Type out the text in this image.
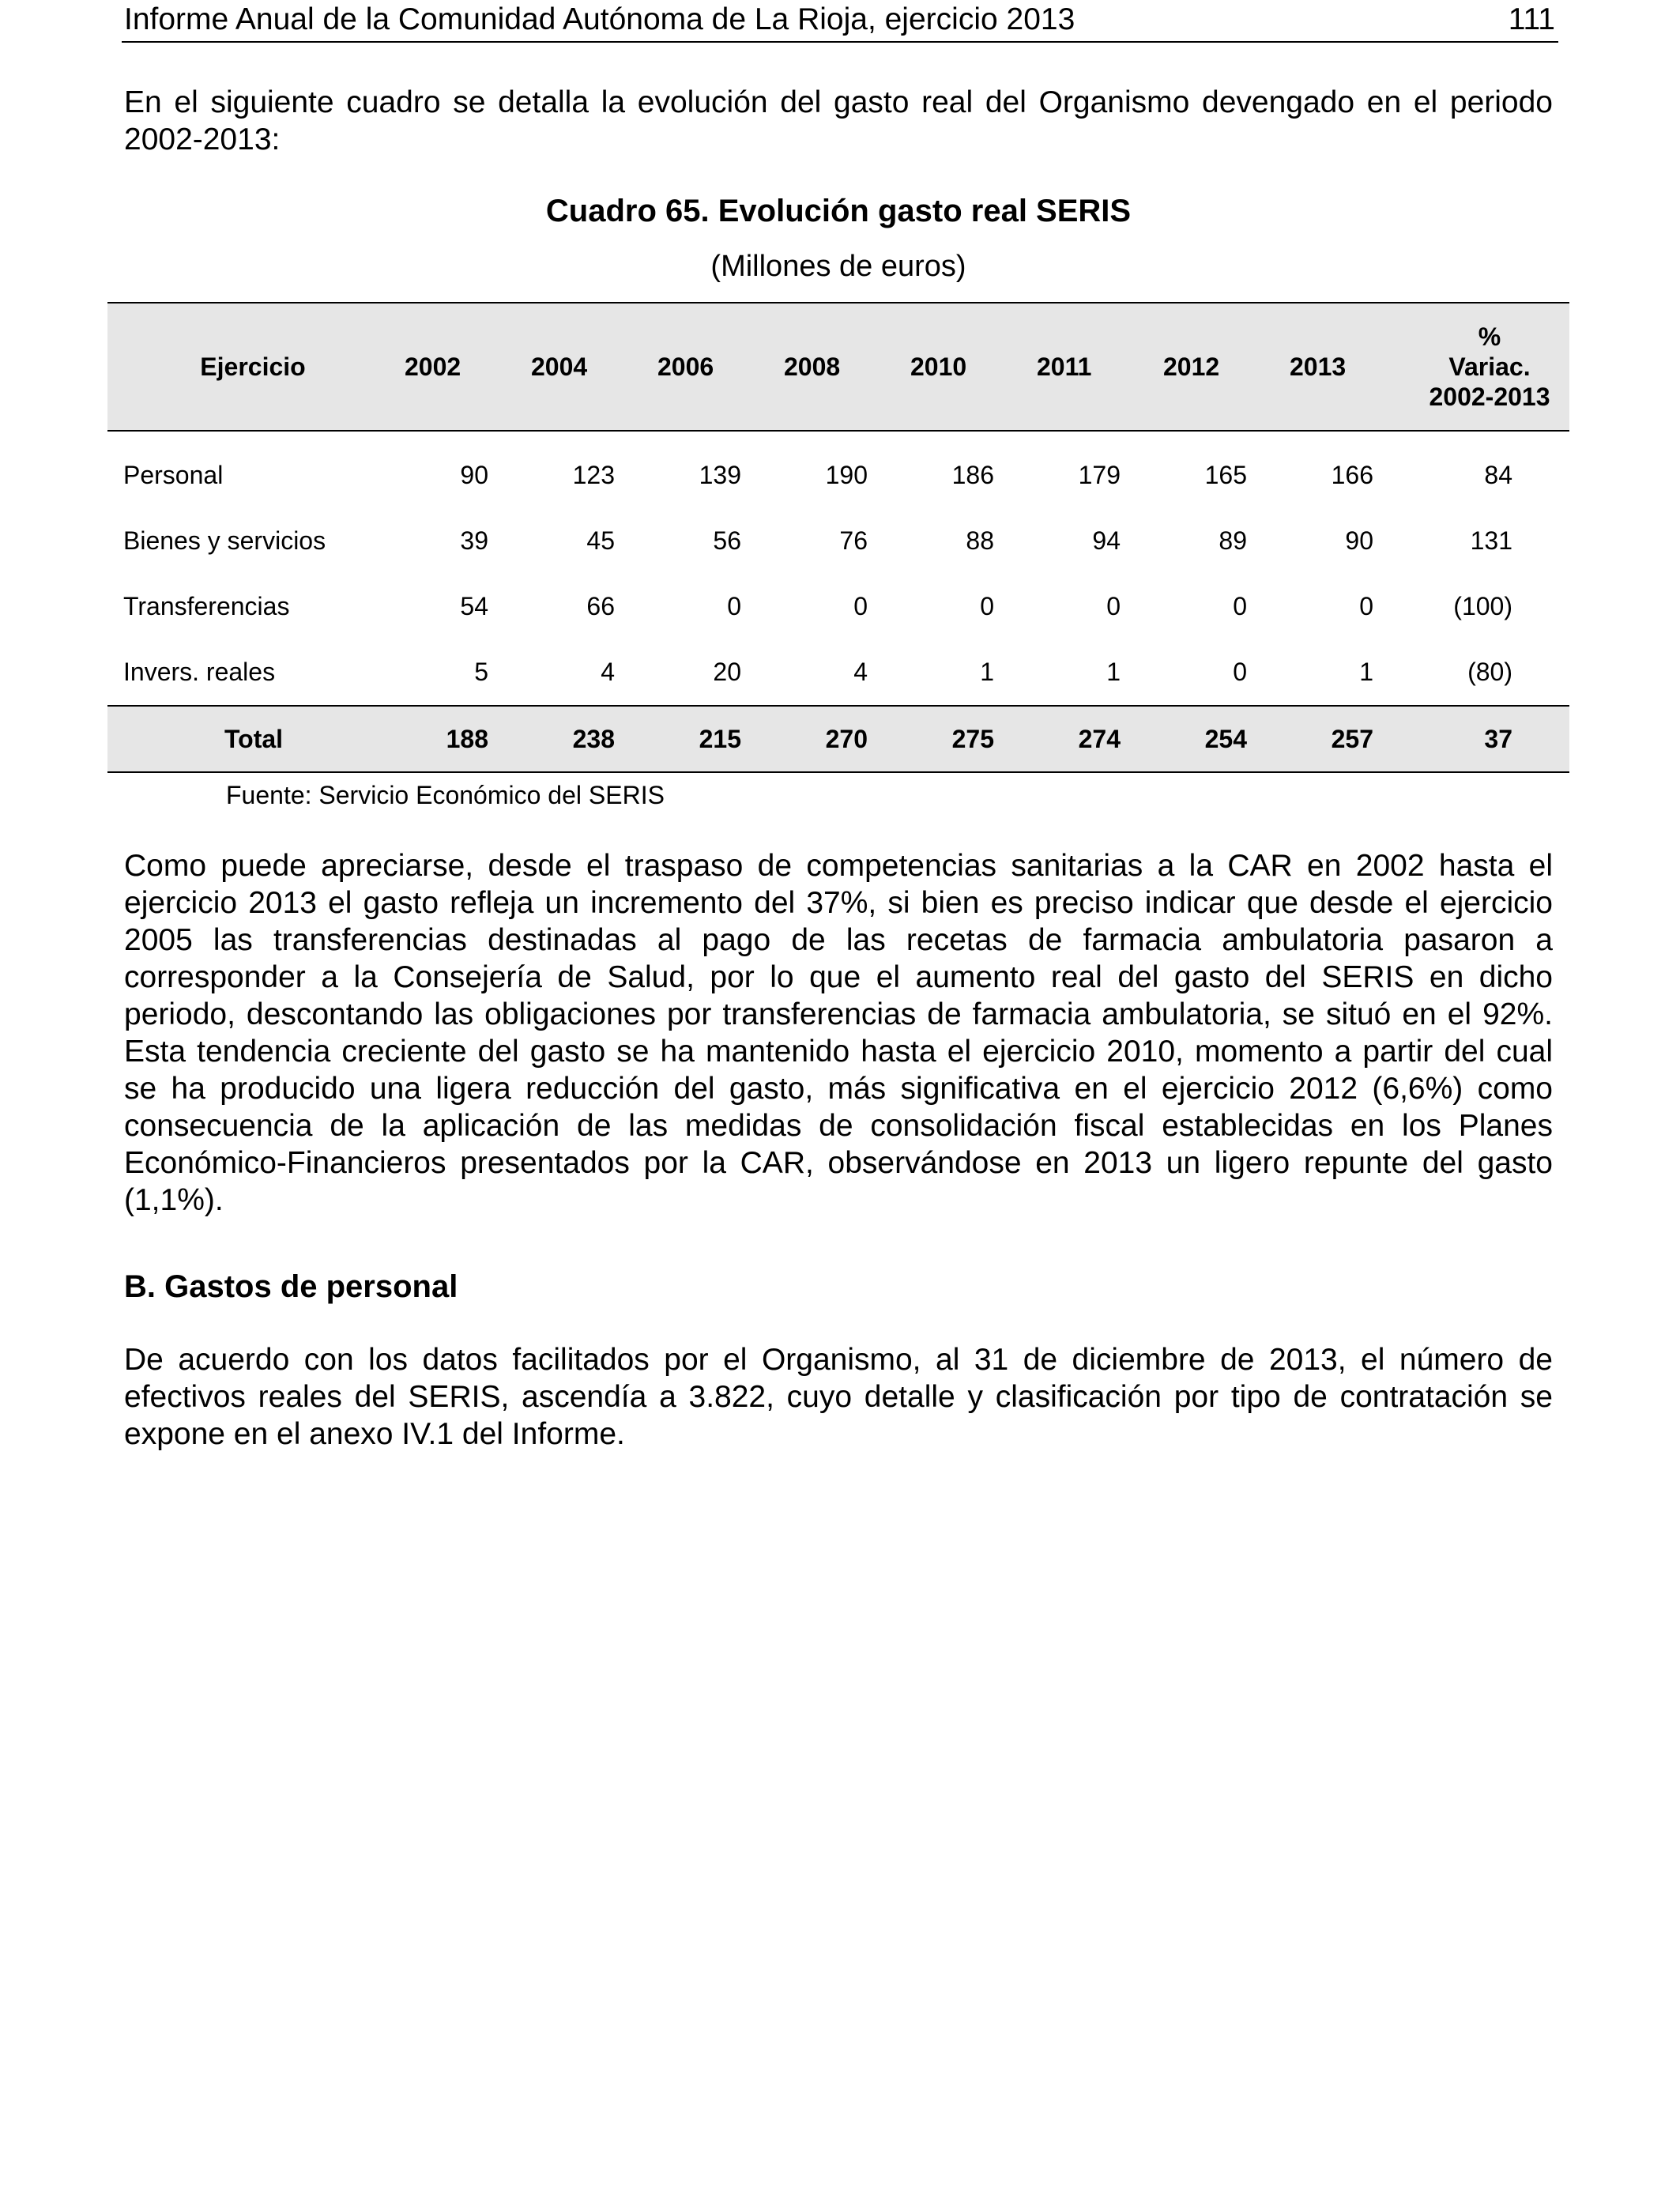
Informe Anual de la Comunidad Autónoma de La Rioja, ejercicio 2013	111
En el siguiente cuadro se detalla la evolución del gasto real del Organismo devengado en el periodo 2002-2013:
Cuadro 65. Evolución gasto real SERIS
(Millones de euros)
Ejercicio	2002	2004	2006	2008	2010	2011	2012	2013	%
Variac.
2002-2013

Personal	90	123	139	190	186	179	165	166	84
Bienes y servicios	39	45	56	76	88	94	89	90	131
Transferencias	54	66	0	0	0	0	0	0	(100)
Invers. reales	5	4	20	4	1	1	0	1	(80)
Total	188	238	215	270	275	274	254	257	37
Fuente: Servicio Económico del SERIS
Como puede apreciarse, desde el traspaso de competencias sanitarias a la CAR en 2002 hasta el ejercicio 2013 el gasto refleja un incremento del 37%, si bien es preciso indicar que desde el ejercicio 2005 las transferencias destinadas al pago de las recetas de farmacia ambulatoria pasaron a corresponder a la Consejería de Salud, por lo que el aumento real del gasto del SERIS en dicho periodo, descontando las obligaciones por transferencias de farmacia ambulatoria, se situó en el 92%. Esta tendencia creciente del gasto se ha mantenido hasta el ejercicio 2010, momento a partir del cual se ha producido una ligera reducción del gasto, más significativa en el ejercicio 2012 (6,6%) como consecuencia de la aplicación de las medidas de consolidación fiscal establecidas en los Planes Económico-Financieros presentados por la CAR, observándose en 2013 un ligero repunte del gasto (1,1%).
B. Gastos de personal
De acuerdo con los datos facilitados por el Organismo, al 31 de diciembre de 2013, el número de efectivos reales del SERIS, ascendía a 3.822, cuyo detalle y clasificación por tipo de contratación se expone en el anexo IV.1 del Informe.
